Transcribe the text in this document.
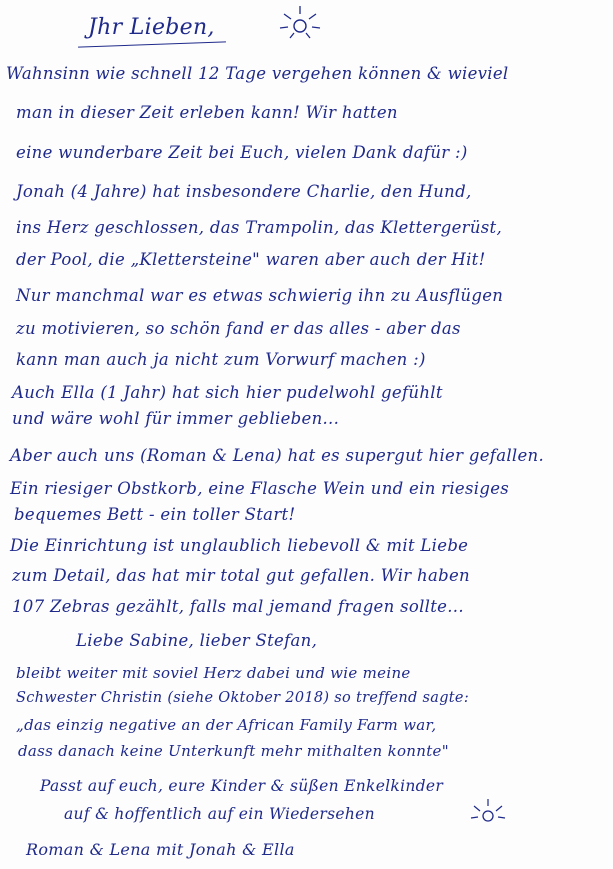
Jhr Lieben,
Wahnsinn wie schnell 12 Tage vergehen können & wieviel
man in dieser Zeit erleben kann! Wir hatten
eine wunderbare Zeit bei Euch, vielen Dank dafür :)
Jonah (4 Jahre) hat insbesondere Charlie, den Hund,
ins Herz geschlossen, das Trampolin, das Klettergerüst,
der Pool, die „Klettersteine" waren aber auch der Hit!
Nur manchmal war es etwas schwierig ihn zu Ausflügen
zu motivieren, so schön fand er das alles - aber das
kann man auch ja nicht zum Vorwurf machen :)
Auch Ella (1 Jahr) hat sich hier pudelwohl gefühlt
und wäre wohl für immer geblieben...
Aber auch uns (Roman & Lena) hat es supergut hier gefallen.
Ein riesiger Obstkorb, eine Flasche Wein und ein riesiges
bequemes Bett - ein toller Start!
Die Einrichtung ist unglaublich liebevoll & mit Liebe
zum Detail, das hat mir total gut gefallen. Wir haben
107 Zebras gezählt, falls mal jemand fragen sollte...
Liebe Sabine, lieber Stefan,
bleibt weiter mit soviel Herz dabei und wie meine
Schwester Christin (siehe Oktober 2018) so treffend sagte:
„das einzig negative an der African Family Farm war,
dass danach keine Unterkunft mehr mithalten konnte"
Passt auf euch, eure Kinder & süßen Enkelkinder
auf & hoffentlich auf ein Wiedersehen
Roman & Lena mit Jonah & Ella
